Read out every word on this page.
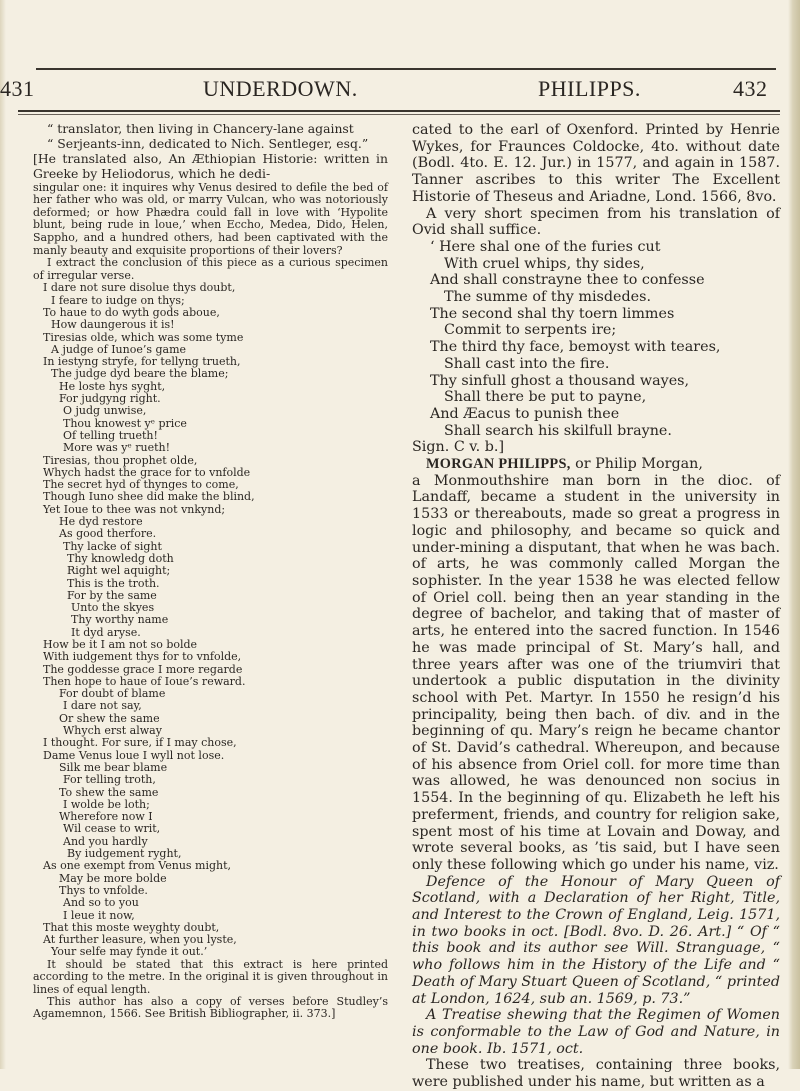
431	UNDERDOWN.	PHILIPPS.	432

“ translator, then living in Chancery-lane against

“ Serjeants-inn, dedicated to Nich. Sentleger, esq.”

[He translated also, An Æthiopian Historie: written in Greeke by Heliodorus, which he dedi-

singular one: it inquires why Venus desired to defile the bed of her father who was old, or marry Vulcan, who was notoriously deformed; or how Phædra could fall in love with ‘Hypolite blunt, being rude in loue,’ when Eccho, Medea, Dido, Helen, Sappho, and a hundred others, had been captivated with the manly beauty and exquisite proportions of their lovers?

I extract the conclusion of this piece as a curious specimen of irregular verse.

I dare not sure disolue thys doubt,
I feare to iudge on thys;
To haue to do wyth gods aboue,
How daungerous it is!
Tiresias olde, which was some tyme
A judge of Iunoe’s game
In iestyng stryfe, for tellyng trueth,
The judge dyd beare the blame;
He loste hys syght,
For judgyng right.
O judg unwise,
Thou knowest yᵉ price
Of telling trueth!
More was yᵉ rueth!
Tiresias, thou prophet olde,
Whych hadst the grace for to vnfolde
The secret hyd of thynges to come,
Though Iuno shee did make the blind,
Yet Ioue to thee was not vnkynd;
He dyd restore
As good therfore.
Thy lacke of sight
Thy knowledg doth
Right wel aquight;
This is the troth.
For by the same
Unto the skyes
Thy worthy name
It dyd aryse.
How be it I am not so bolde
With iudgement thys for to vnfolde,
The goddesse grace I more regarde
Then hope to haue of Ioue’s reward.
For doubt of blame
I dare not say,
Or shew the same
Whych erst alway
I thought. For sure, if I may chose,
Dame Venus loue I wyll not lose.
Silk me bear blame
For telling troth,
To shew the same
I wolde be loth;
Wherefore now I
Wil cease to writ,
And you hardly
By iudgement ryght,
As one exempt from Venus might,
May be more bolde
Thys to vnfolde.
And so to you
I leue it now,
That this moste weyghty doubt,
At further leasure, when you lyste,
Your selfe may fynde it out.’

It should be stated that this extract is here printed according to the metre. In the original it is given throughout in lines of equal length.

This author has also a copy of verses before Studley’s Agamemnon, 1566. See British Bibliographer, ii. 373.]

cated to the earl of Oxenford. Printed by Henrie Wykes, for Fraunces Coldocke, 4to. without date (Bodl. 4to. E. 12. Jur.) in 1577, and again in 1587. Tanner ascribes to this writer The Excellent Historie of Theseus and Ariadne, Lond. 1566, 8vo.

A very short specimen from his translation of Ovid shall suffice.

‘ Here shal one of the furies cut
With cruel whips, thy sides,
And shall constrayne thee to confesse
The summe of thy misdedes.
The second shal thy toern limmes
Commit to serpents ire;
The third thy face, bemoyst with teares,
Shall cast into the fire.
Thy sinfull ghost a thousand wayes,
Shall there be put to payne,
And Æacus to punish thee
Shall search his skilfull brayne.

Sign. C v. b.]

MORGAN PHILIPPS, or Philip Morgan,

a Monmouthshire man born in the dioc. of Landaff, became a student in the university in 1533 or thereabouts, made so great a progress in logic and philosophy, and became so quick and under-mining a disputant, that when he was bach. of arts, he was commonly called Morgan the sophister. In the year 1538 he was elected fellow of Oriel coll. being then an year standing in the degree of bachelor, and taking that of master of arts, he entered into the sacred function. In 1546 he was made principal of St. Mary’s hall, and three years after was one of the triumviri that undertook a public disputation in the divinity school with Pet. Martyr. In 1550 he resign’d his principality, being then bach. of div. and in the beginning of qu. Mary’s reign he became chantor of St. David’s cathedral. Whereupon, and because of his absence from Oriel coll. for more time than was allowed, he was denounced non socius in 1554. In the beginning of qu. Elizabeth he left his preferment, friends, and country for religion sake, spent most of his time at Lovain and Doway, and wrote several books, as ’tis said, but I have seen only these following which go under his name, viz.

Defence of the Honour of Mary Queen of Scotland, with a Declaration of her Right, Title, and Interest to the Crown of England, Leig. 1571, in two books in oct. [Bodl. 8vo. D. 26. Art.] “ Of “ this book and its author see Will. Stranguage, “ who follows him in the History of the Life and “ Death of Mary Stuart Queen of Scotland, “ printed at London, 1624, sub an. 1569, p. 73.”

A Treatise shewing that the Regimen of Women is conformable to the Law of God and Nature, in one book. Ib. 1571, oct.

These two treatises, containing three books, were published under his name, but written as a
